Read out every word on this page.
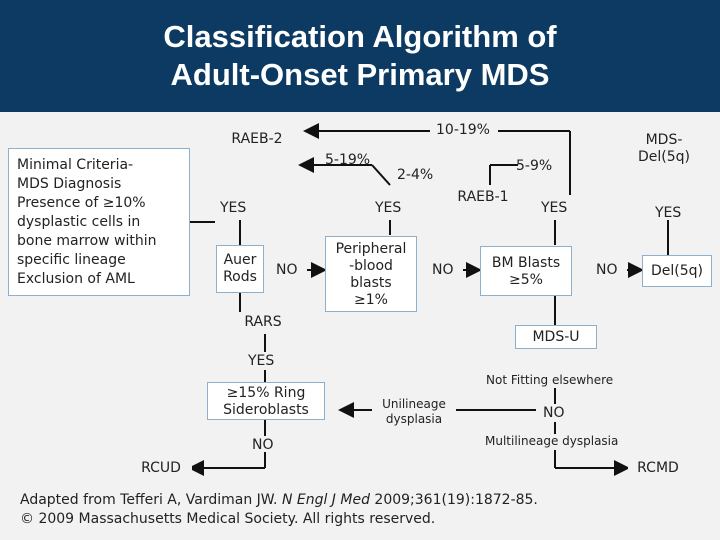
Classification Algorithm of
Adult-Onset Primary MDS
Minimal Criteria-
MDS Diagnosis
Presence of ≥10%
dysplastic cells in
bone marrow within
specific lineage
Exclusion of AML
RAEB-2
RAEB-1
MDS-
Del(5q)
Auer
Rods
Peripheral
-blood
blasts
≥1%
BM Blasts
≥5%
Del(5q)
RARS
MDS-U
≥15% Ring
Sideroblasts	Unilineage
dysplasia
RCUD	RCMD
10-19%
5-19%
2-4%
5-9%
YES	YES	YES	YES
NO	NO	NO
YES
NO
Not Fitting elsewhere
NO
Multilineage dysplasia
Adapted from Tefferi A, Vardiman JW. N Engl J Med 2009;361(19):1872-85.
© 2009 Massachusetts Medical Society. All rights reserved.
